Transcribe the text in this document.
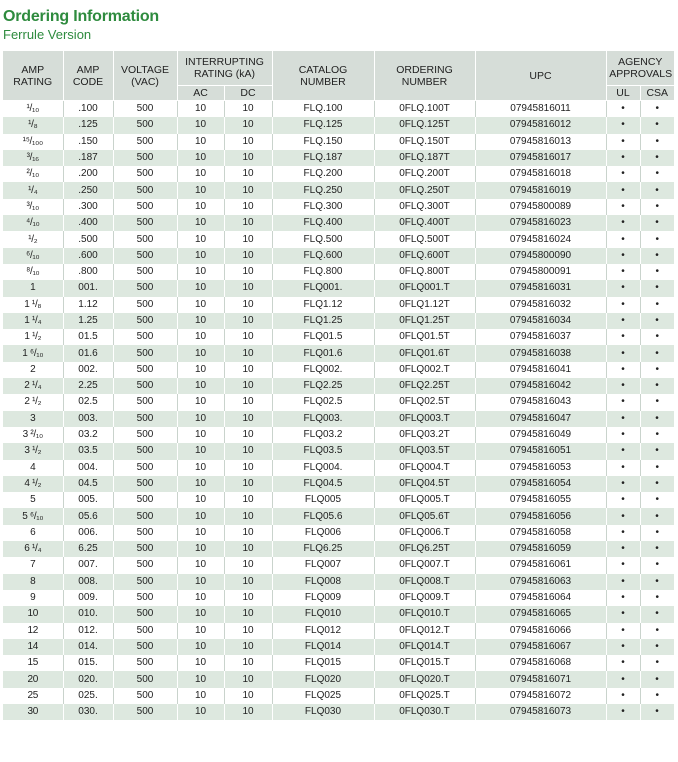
Ordering Information
Ferrule Version
AMP RATING	AMP CODE	VOLTAGE (VAC)	INTERRUPTING RATING (kA)		CATALOG NUMBER	ORDERING NUMBER	UPC	AGENCY APPROVALS	
			AC	DC				UL	CSA
¹/₁₀	.100	500	10	10	FLQ.100	0FLQ.100T	07945816011	•	•
¹/₈	.125	500	10	10	FLQ.125	0FLQ.125T	07945816012	•	•
¹⁵/₁₀₀	.150	500	10	10	FLQ.150	0FLQ.150T	07945816013	•	•
³/₁₆	.187	500	10	10	FLQ.187	0FLQ.187T	07945816017	•	•
²/₁₀	.200	500	10	10	FLQ.200	0FLQ.200T	07945816018	•	•
¹/₄	.250	500	10	10	FLQ.250	0FLQ.250T	07945816019	•	•
³/₁₀	.300	500	10	10	FLQ.300	0FLQ.300T	07945800089	•	•
⁴/₁₀	.400	500	10	10	FLQ.400	0FLQ.400T	07945816023	•	•
¹/₂	.500	500	10	10	FLQ.500	0FLQ.500T	07945816024	•	•
⁶/₁₀	.600	500	10	10	FLQ.600	0FLQ.600T	07945800090	•	•
⁸/₁₀	.800	500	10	10	FLQ.800	0FLQ.800T	07945800091	•	•
1	001.	500	10	10	FLQ001.	0FLQ001.T	07945816031	•	•
1 ¹/₈	1.12	500	10	10	FLQ1.12	0FLQ1.12T	07945816032	•	•
1 ¹/₄	1.25	500	10	10	FLQ1.25	0FLQ1.25T	07945816034	•	•
1 ¹/₂	01.5	500	10	10	FLQ01.5	0FLQ01.5T	07945816037	•	•
1 ⁶/₁₀	01.6	500	10	10	FLQ01.6	0FLQ01.6T	07945816038	•	•
2	002.	500	10	10	FLQ002.	0FLQ002.T	07945816041	•	•
2 ¹/₄	2.25	500	10	10	FLQ2.25	0FLQ2.25T	07945816042	•	•
2 ¹/₂	02.5	500	10	10	FLQ02.5	0FLQ02.5T	07945816043	•	•
3	003.	500	10	10	FLQ003.	0FLQ003.T	07945816047	•	•
3 ²/₁₀	03.2	500	10	10	FLQ03.2	0FLQ03.2T	07945816049	•	•
3 ¹/₂	03.5	500	10	10	FLQ03.5	0FLQ03.5T	07945816051	•	•
4	004.	500	10	10	FLQ004.	0FLQ004.T	07945816053	•	•
4 ¹/₂	04.5	500	10	10	FLQ04.5	0FLQ04.5T	07945816054	•	•
5	005.	500	10	10	FLQ005	0FLQ005.T	07945816055	•	•
5 ⁶/₁₀	05.6	500	10	10	FLQ05.6	0FLQ05.6T	07945816056	•	•
6	006.	500	10	10	FLQ006	0FLQ006.T	07945816058	•	•
6 ¹/₄	6.25	500	10	10	FLQ6.25	0FLQ6.25T	07945816059	•	•
7	007.	500	10	10	FLQ007	0FLQ007.T	07945816061	•	•
8	008.	500	10	10	FLQ008	0FLQ008.T	07945816063	•	•
9	009.	500	10	10	FLQ009	0FLQ009.T	07945816064	•	•
10	010.	500	10	10	FLQ010	0FLQ010.T	07945816065	•	•
12	012.	500	10	10	FLQ012	0FLQ012.T	07945816066	•	•
14	014.	500	10	10	FLQ014	0FLQ014.T	07945816067	•	•
15	015.	500	10	10	FLQ015	0FLQ015.T	07945816068	•	•
20	020.	500	10	10	FLQ020	0FLQ020.T	07945816071	•	•
25	025.	500	10	10	FLQ025	0FLQ025.T	07945816072	•	•
30	030.	500	10	10	FLQ030	0FLQ030.T	07945816073	•	•
